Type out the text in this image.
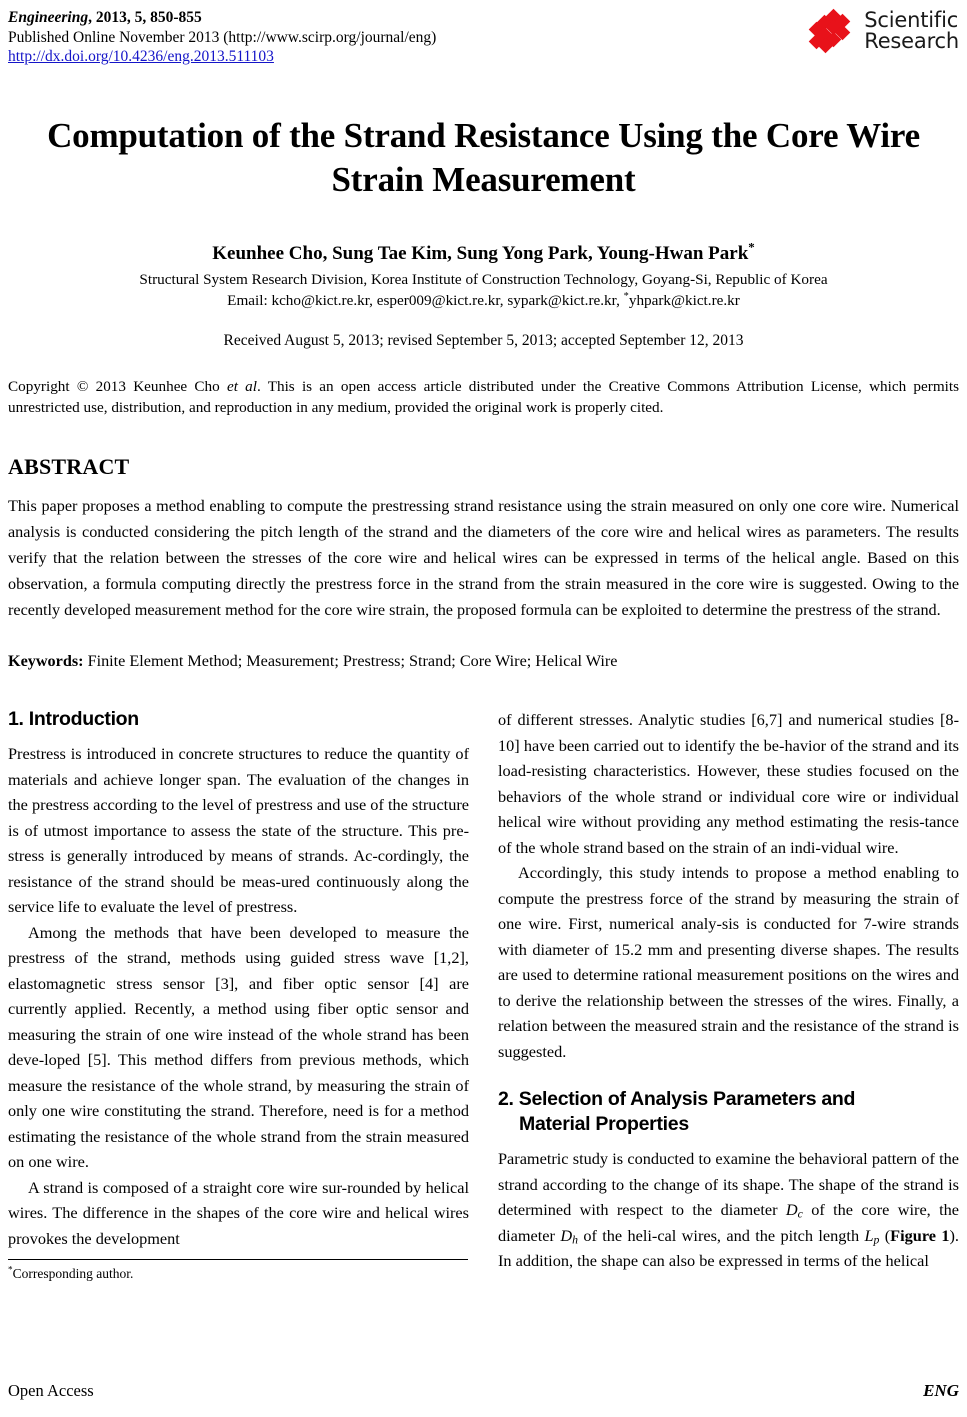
Engineering, 2013, 5, 850-855
Published Online November 2013 (http://www.scirp.org/journal/eng)
http://dx.doi.org/10.4236/eng.2013.511103
Scientific
Research
Computation of the Strand Resistance Using the Core Wire Strain Measurement
Keunhee Cho, Sung Tae Kim, Sung Yong Park, Young-Hwan Park*
Structural System Research Division, Korea Institute of Construction Technology, Goyang-Si, Republic of Korea
Email: kcho@kict.re.kr, esper009@kict.re.kr, sypark@kict.re.kr, *yhpark@kict.re.kr
Received August 5, 2013; revised September 5, 2013; accepted September 12, 2013
Copyright © 2013 Keunhee Cho et al. This is an open access article distributed under the Creative Commons Attribution License, which permits unrestricted use, distribution, and reproduction in any medium, provided the original work is properly cited.
ABSTRACT
This paper proposes a method enabling to compute the prestressing strand resistance using the strain measured on only one core wire. Numerical analysis is conducted considering the pitch length of the strand and the diameters of the core wire and helical wires as parameters. The results verify that the relation between the stresses of the core wire and helical wires can be expressed in terms of the helical angle. Based on this observation, a formula computing directly the prestress force in the strand from the strain measured in the core wire is suggested. Owing to the recently developed measurement method for the core wire strain, the proposed formula can be exploited to determine the prestress of the strand.
Keywords: Finite Element Method; Measurement; Prestress; Strand; Core Wire; Helical Wire
1. Introduction

Prestress is introduced in concrete structures to reduce the quantity of materials and achieve longer span. The evaluation of the changes in the prestress according to the level of prestress and use of the structure is of utmost importance to assess the state of the structure. This pre-stress is generally introduced by means of strands. Ac-cordingly, the resistance of the strand should be meas-ured continuously along the service life to evaluate the level of prestress.

Among the methods that have been developed to measure the prestress of the strand, methods using guided stress wave [1,2], elastomagnetic stress sensor [3], and fiber optic sensor [4] are currently applied. Recently, a method using fiber optic sensor and measuring the strain of one wire instead of the whole strand has been deve-loped [5]. This method differs from previous methods, which measure the resistance of the whole strand, by measuring the strain of only one wire constituting the strand. Therefore, need is for a method estimating the resistance of the whole strand from the strain measured on one wire.

A strand is composed of a straight core wire sur-rounded by helical wires. The difference in the shapes of the core wire and helical wires provokes the development

*Corresponding author.

of different stresses. Analytic studies [6,7] and numerical studies [8-10] have been carried out to identify the be-havior of the strand and its load-resisting characteristics. However, these studies focused on the behaviors of the whole strand or individual core wire or individual helical wire without providing any method estimating the resis-tance of the whole strand based on the strain of an indi-vidual wire.

Accordingly, this study intends to propose a method enabling to compute the prestress force of the strand by measuring the strain of one wire. First, numerical analy-sis is conducted for 7-wire strands with diameter of 15.2 mm and presenting diverse shapes. The results are used to determine rational measurement positions on the wires and to derive the relationship between the stresses of the wires. Finally, a relation between the measured strain and the resistance of the strand is suggested.

2. Selection of Analysis Parameters and
Material Properties

Parametric study is conducted to examine the behavioral pattern of the strand according to the change of its shape. The shape of the strand is determined with respect to the diameter $D_c$ of the core wire, the diameter $D_h$ of the heli-cal wires, and the pitch length $L_p$ (Figure 1). In addition, the shape can also be expressed in terms of the helical

Open Access	ENG
